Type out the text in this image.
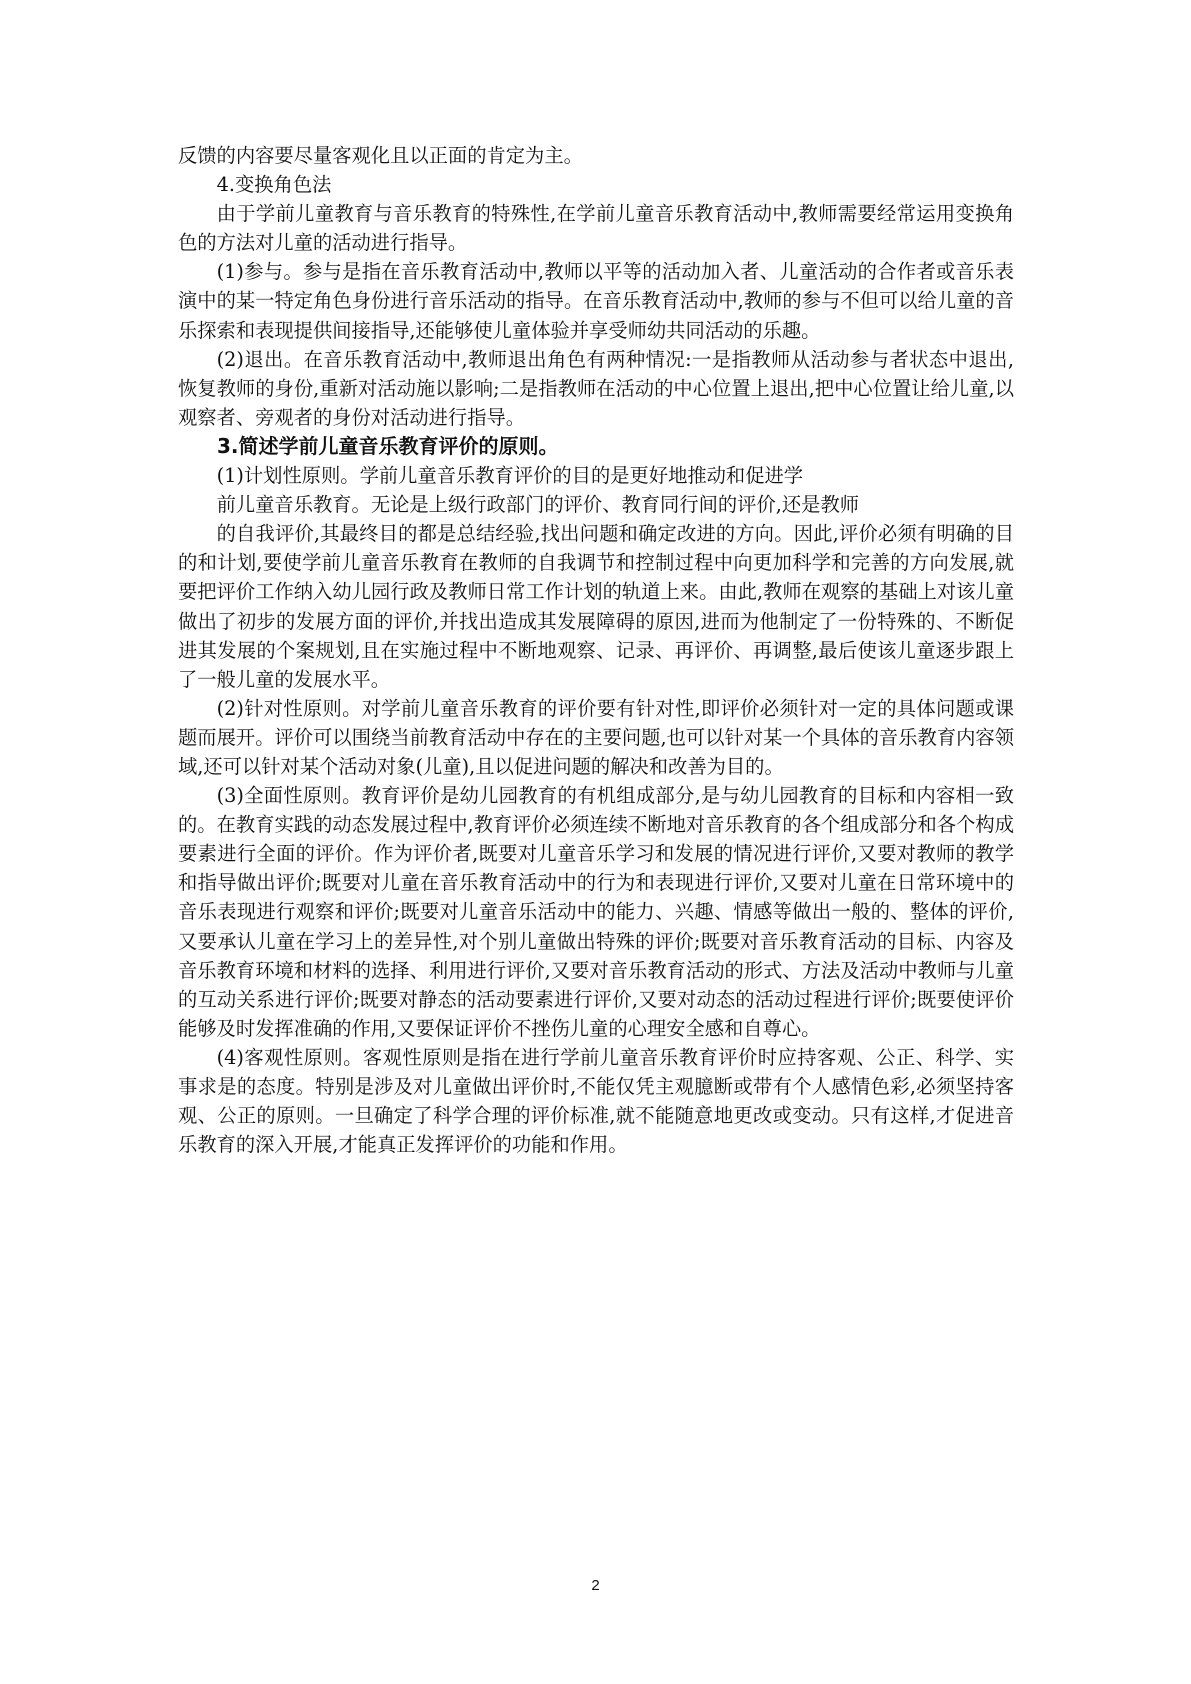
反馈的内容要尽量客观化且以正面的肯定为主。

4.变换角色法

由于学前儿童教育与音乐教育的特殊性,在学前儿童音乐教育活动中,教师需要经常运用变换角色的方法对儿童的活动进行指导。

(1)参与。参与是指在音乐教育活动中,教师以平等的活动加入者、儿童活动的合作者或音乐表演中的某一特定角色身份进行音乐活动的指导。在音乐教育活动中,教师的参与不但可以给儿童的音乐探索和表现提供间接指导,还能够使儿童体验并享受师幼共同活动的乐趣。

(2)退出。在音乐教育活动中,教师退出角色有两种情况:一是指教师从活动参与者状态中退出,恢复教师的身份,重新对活动施以影响;二是指教师在活动的中心位置上退出,把中心位置让给儿童,以观察者、旁观者的身份对活动进行指导。

3.简述学前儿童音乐教育评价的原则。

(1)计划性原则。学前儿童音乐教育评价的目的是更好地推动和促进学

前儿童音乐教育。无论是上级行政部门的评价、教育同行间的评价,还是教师

的自我评价,其最终目的都是总结经验,找出问题和确定改进的方向。因此,评价必须有明确的目的和计划,要使学前儿童音乐教育在教师的自我调节和控制过程中向更加科学和完善的方向发展,就要把评价工作纳入幼儿园行政及教师日常工作计划的轨道上来。由此,教师在观察的基础上对该儿童做出了初步的发展方面的评价,并找出造成其发展障碍的原因,进而为他制定了一份特殊的、不断促进其发展的个案规划,且在实施过程中不断地观察、记录、再评价、再调整,最后使该儿童逐步跟上了一般儿童的发展水平。

(2)针对性原则。对学前儿童音乐教育的评价要有针对性,即评价必须针对一定的具体问题或课题而展开。评价可以围绕当前教育活动中存在的主要问题,也可以针对某一个具体的音乐教育内容领域,还可以针对某个活动对象(儿童),且以促进问题的解决和改善为目的。

(3)全面性原则。教育评价是幼儿园教育的有机组成部分,是与幼儿园教育的目标和内容相一致的。在教育实践的动态发展过程中,教育评价必须连续不断地对音乐教育的各个组成部分和各个构成要素进行全面的评价。作为评价者,既要对儿童音乐学习和发展的情况进行评价,又要对教师的教学和指导做出评价;既要对儿童在音乐教育活动中的行为和表现进行评价,又要对儿童在日常环境中的音乐表现进行观察和评价;既要对儿童音乐活动中的能力、兴趣、情感等做出一般的、整体的评价,又要承认儿童在学习上的差异性,对个别儿童做出特殊的评价;既要对音乐教育活动的目标、内容及音乐教育环境和材料的选择、利用进行评价,又要对音乐教育活动的形式、方法及活动中教师与儿童的互动关系进行评价;既要对静态的活动要素进行评价,又要对动态的活动过程进行评价;既要使评价能够及时发挥准确的作用,又要保证评价不挫伤儿童的心理安全感和自尊心。

(4)客观性原则。客观性原则是指在进行学前儿童音乐教育评价时应持客观、公正、科学、实事求是的态度。特别是涉及对儿童做出评价时,不能仅凭主观臆断或带有个人感情色彩,必须坚持客观、公正的原则。一旦确定了科学合理的评价标准,就不能随意地更改或变动。只有这样,才促进音乐教育的深入开展,才能真正发挥评价的功能和作用。

2
